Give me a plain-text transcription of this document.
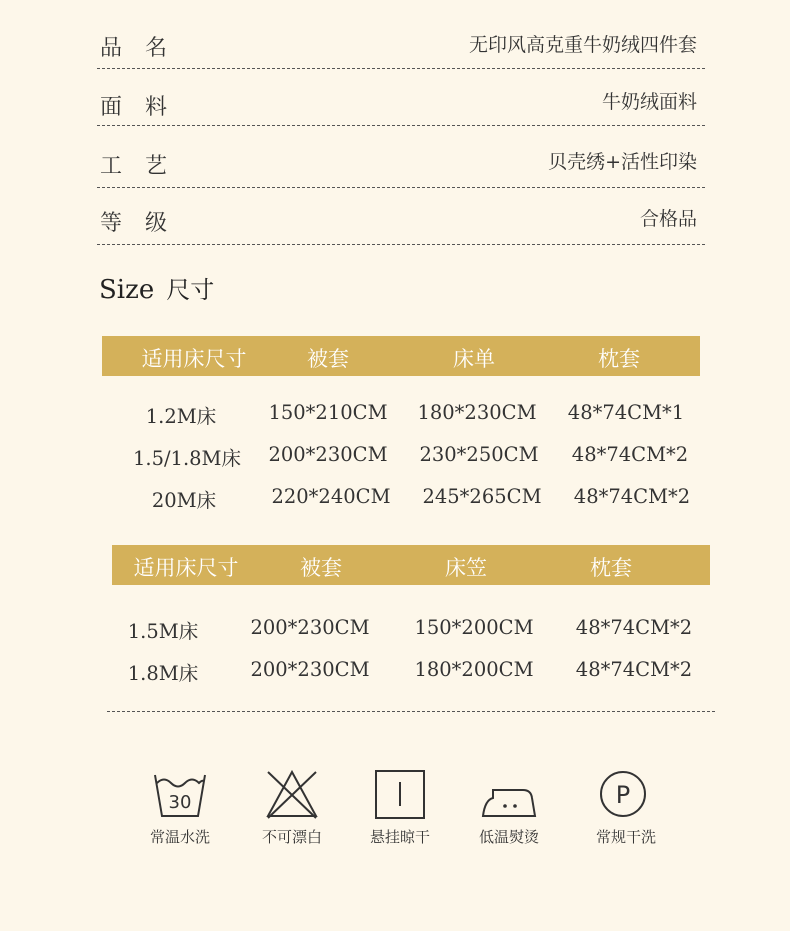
品　名	无印风高克重牛奶绒四件套
面　料	牛奶绒面料
工　艺	贝壳绣+活性印染
等　级	合格品
Size 尺寸
适用床尺寸	被套	床单	枕套
1.2M床	150*210CM 180*230CM 48*74CM*1
1.5/1.8M床 200*230CM 230*250CM 48*74CM*2
20M床	220*240CM 245*265CM 48*74CM*2
适用床尺寸	被套	床笠	枕套
1.5M床	200*230CM 150*200CM 48*74CM*2
1.8M床	200*230CM 180*200CM 48*74CM*2
30
常温水洗	不可漂白	悬挂晾干	低温熨烫
P
常规干洗
